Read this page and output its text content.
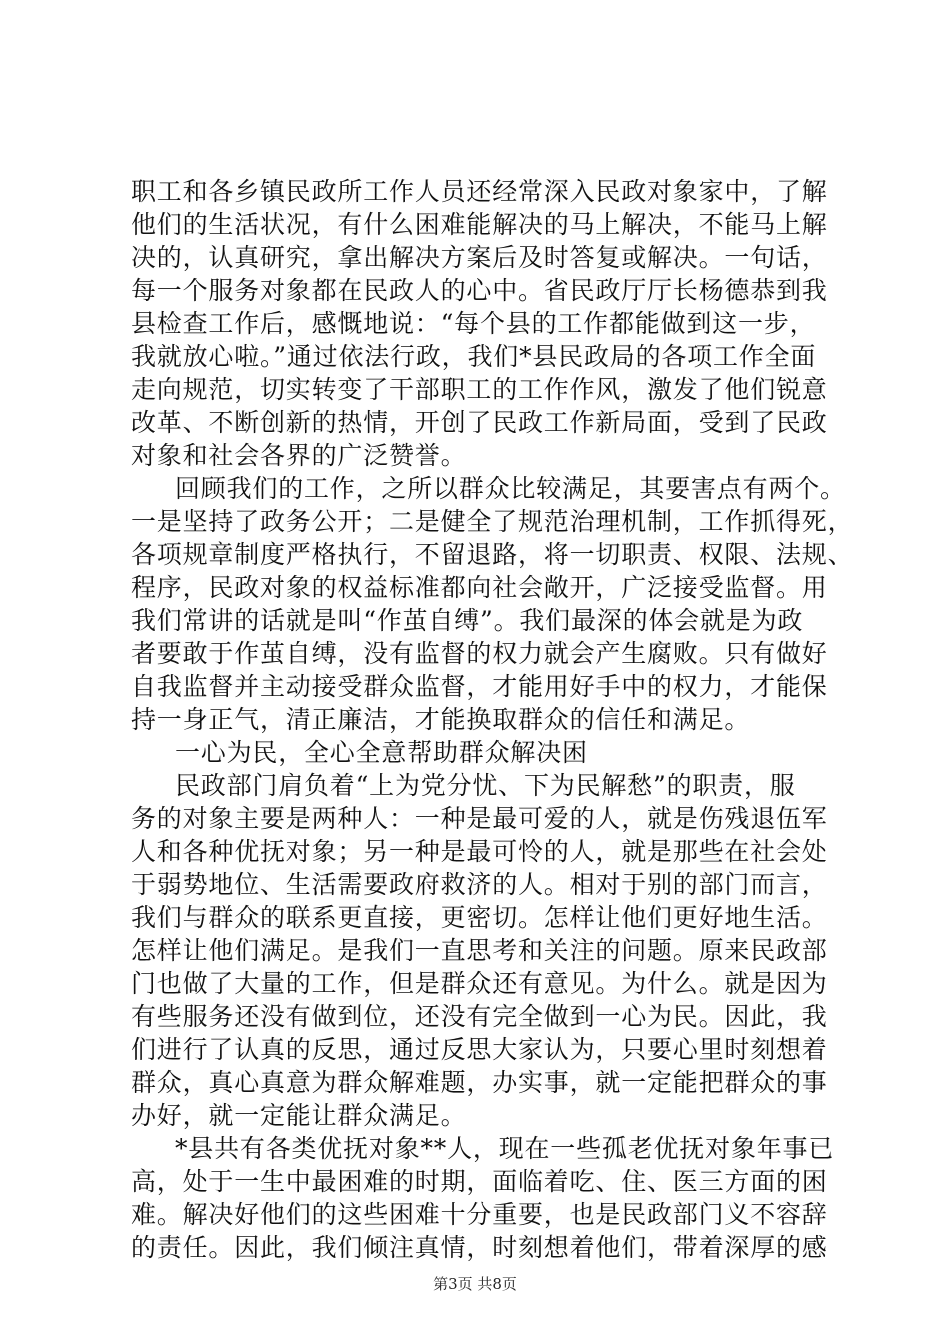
职工和各乡镇民政所工作人员还经常深入民政对象家中，了解
他们的生活状况，有什么困难能解决的马上解决，不能马上解
决的，认真研究，拿出解决方案后及时答复或解决。一句话，
每一个服务对象都在民政人的心中。省民政厅厅长杨德恭到我
县检查工作后，感慨地说：“每个县的工作都能做到这一步，
我就放心啦。”通过依法行政，我们*县民政局的各项工作全面
走向规范，切实转变了干部职工的工作作风，激发了他们锐意
改革、不断创新的热情，开创了民政工作新局面，受到了民政
对象和社会各界的广泛赞誉。
回顾我们的工作，之所以群众比较满足，其要害点有两个。
一是坚持了政务公开；二是健全了规范治理机制，工作抓得死，
各项规章制度严格执行，不留退路，将一切职责、权限、法规、
程序，民政对象的权益标准都向社会敞开，广泛接受监督。用
我们常讲的话就是叫“作茧自缚”。我们最深的体会就是为政
者要敢于作茧自缚，没有监督的权力就会产生腐败。只有做好
自我监督并主动接受群众监督，才能用好手中的权力，才能保
持一身正气，清正廉洁，才能换取群众的信任和满足。
一心为民，全心全意帮助群众解决困
民政部门肩负着“上为党分忧、下为民解愁”的职责，服
务的对象主要是两种人：一种是最可爱的人，就是伤残退伍军
人和各种优抚对象；另一种是最可怜的人，就是那些在社会处
于弱势地位、生活需要政府救济的人。相对于别的部门而言，
我们与群众的联系更直接，更密切。怎样让他们更好地生活。
怎样让他们满足。是我们一直思考和关注的问题。原来民政部
门也做了大量的工作，但是群众还有意见。为什么。就是因为
有些服务还没有做到位，还没有完全做到一心为民。因此，我
们进行了认真的反思，通过反思大家认为，只要心里时刻想着
群众，真心真意为群众解难题，办实事，就一定能把群众的事
办好，就一定能让群众满足。
*县共有各类优抚对象**人，现在一些孤老优抚对象年事已
高，处于一生中最困难的时期，面临着吃、住、医三方面的困
难。解决好他们的这些困难十分重要，也是民政部门义不容辞
的责任。因此，我们倾注真情，时刻想着他们，带着深厚的感
第3页 共8页
